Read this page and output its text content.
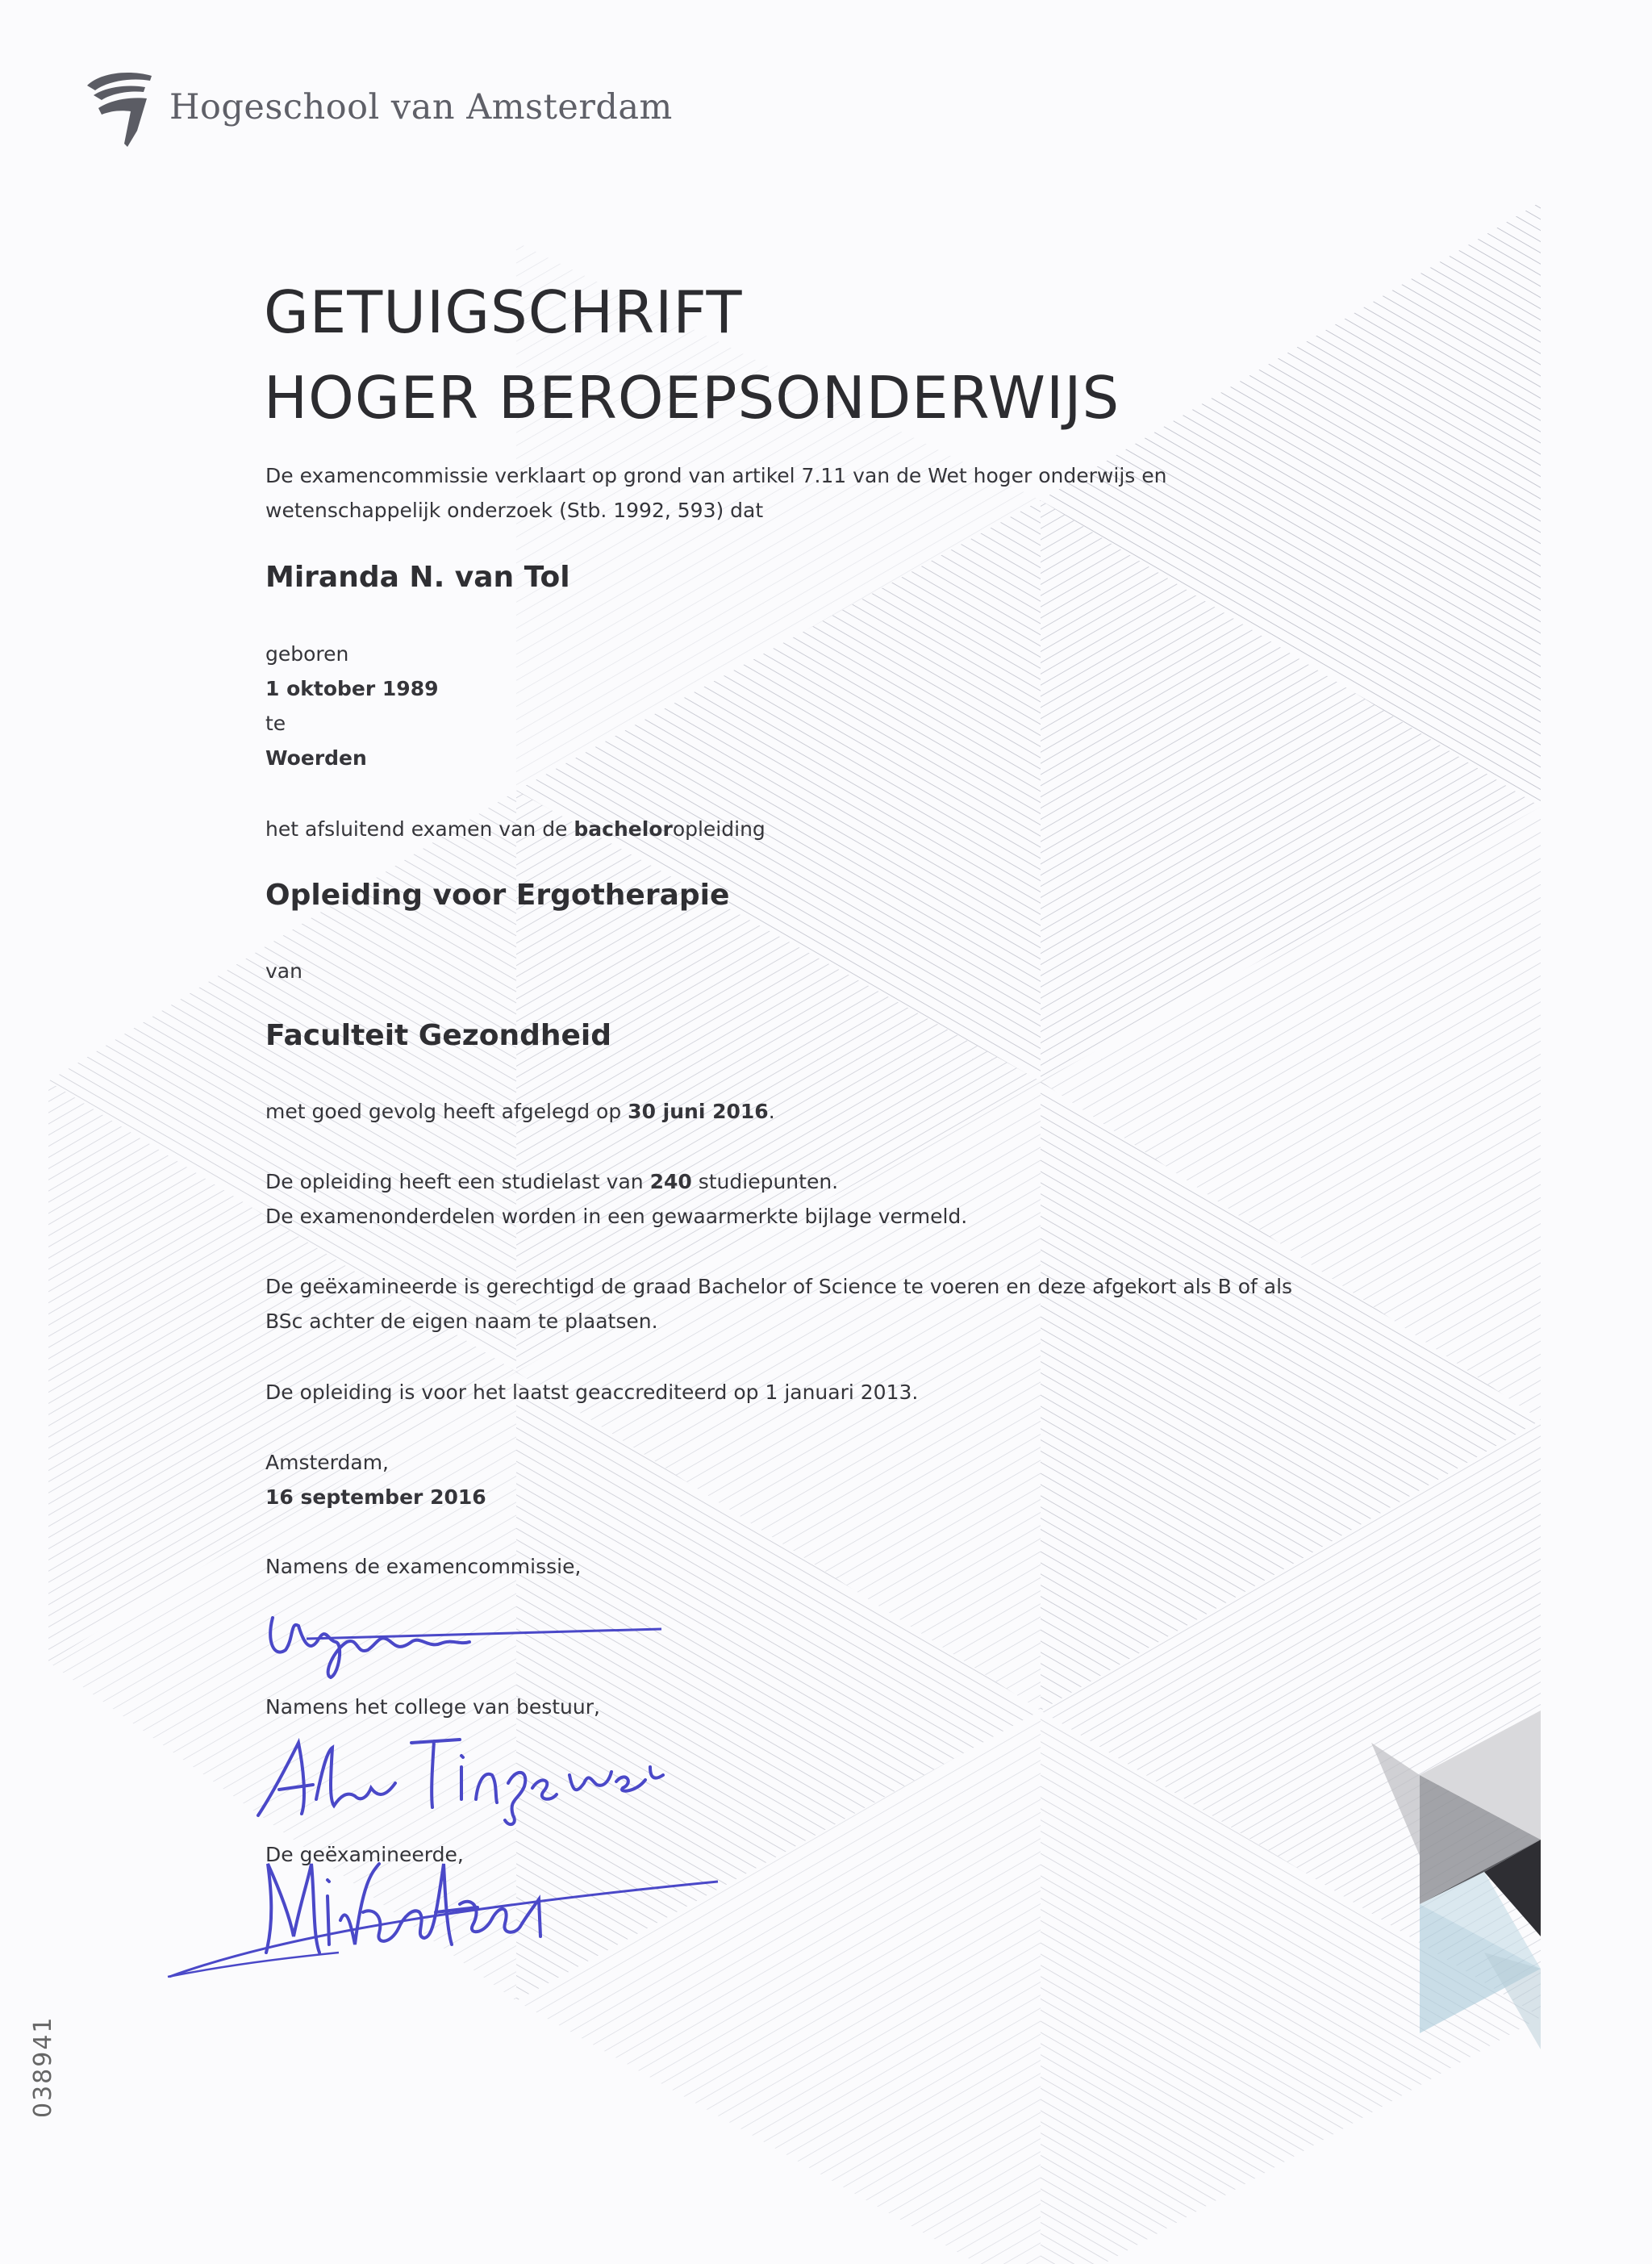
Hogeschool van Amsterdam
GETUIGSCHRIFT
HOGER BEROEPSONDERWIJS
De examencommissie verklaart op grond van artikel 7.11 van de Wet hoger onderwijs en
wetenschappelijk onderzoek (Stb. 1992, 593) dat
Miranda N. van Tol
geboren
1 oktober 1989
te
Woerden
het afsluitend examen van de bacheloropleiding
Opleiding voor Ergotherapie
van
Faculteit Gezondheid
met goed gevolg heeft afgelegd op 30 juni 2016.
De opleiding heeft een studielast van 240 studiepunten.
De examenonderdelen worden in een gewaarmerkte bijlage vermeld.
De geëxamineerde is gerechtigd de graad Bachelor of Science te voeren en deze afgekort als B of als
BSc achter de eigen naam te plaatsen.
De opleiding is voor het laatst geaccrediteerd op 1 januari 2013.
Amsterdam,
16 september 2016
Namens de examencommissie,
Namens het college van bestuur,
De geëxamineerde,
038941
